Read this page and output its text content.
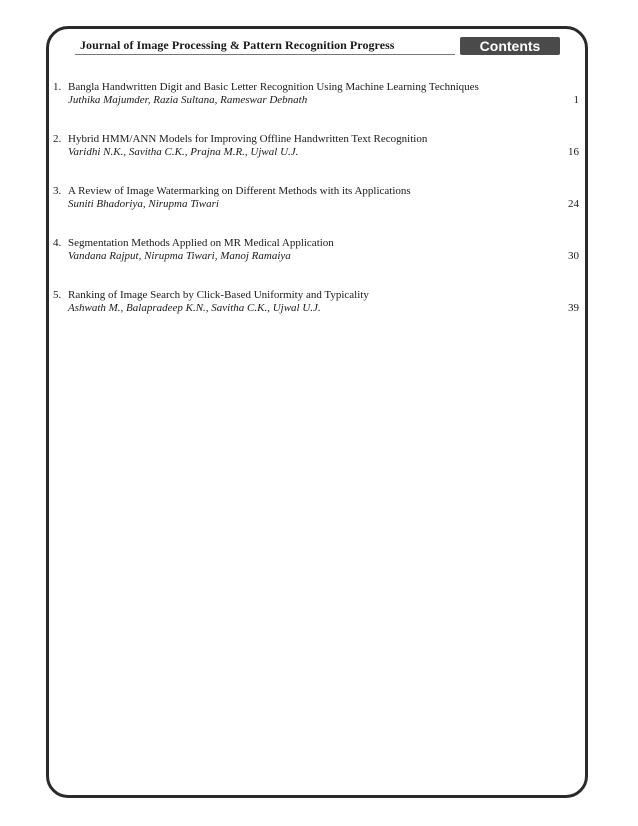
Journal of Image Processing & Pattern Recognition Progress	Contents
1. Bangla Handwritten Digit and Basic Letter Recognition Using Machine Learning Techniques
Juthika Majumder, Razia Sultana, Rameswar Debnath	1
2. Hybrid HMM/ANN Models for Improving Offline Handwritten Text Recognition
Varidhi N.K., Savitha C.K., Prajna M.R., Ujwal U.J.	16
3. A Review of Image Watermarking on Different Methods with its Applications
Suniti Bhadoriya, Nirupma Tiwari	24
4. Segmentation Methods Applied on MR Medical Application
Vandana Rajput, Nirupma Tiwari, Manoj Ramaiya	30
5. Ranking of Image Search by Click-Based Uniformity and Typicality
Ashwath M., Balapradeep K.N., Savitha C.K., Ujwal U.J.	39
